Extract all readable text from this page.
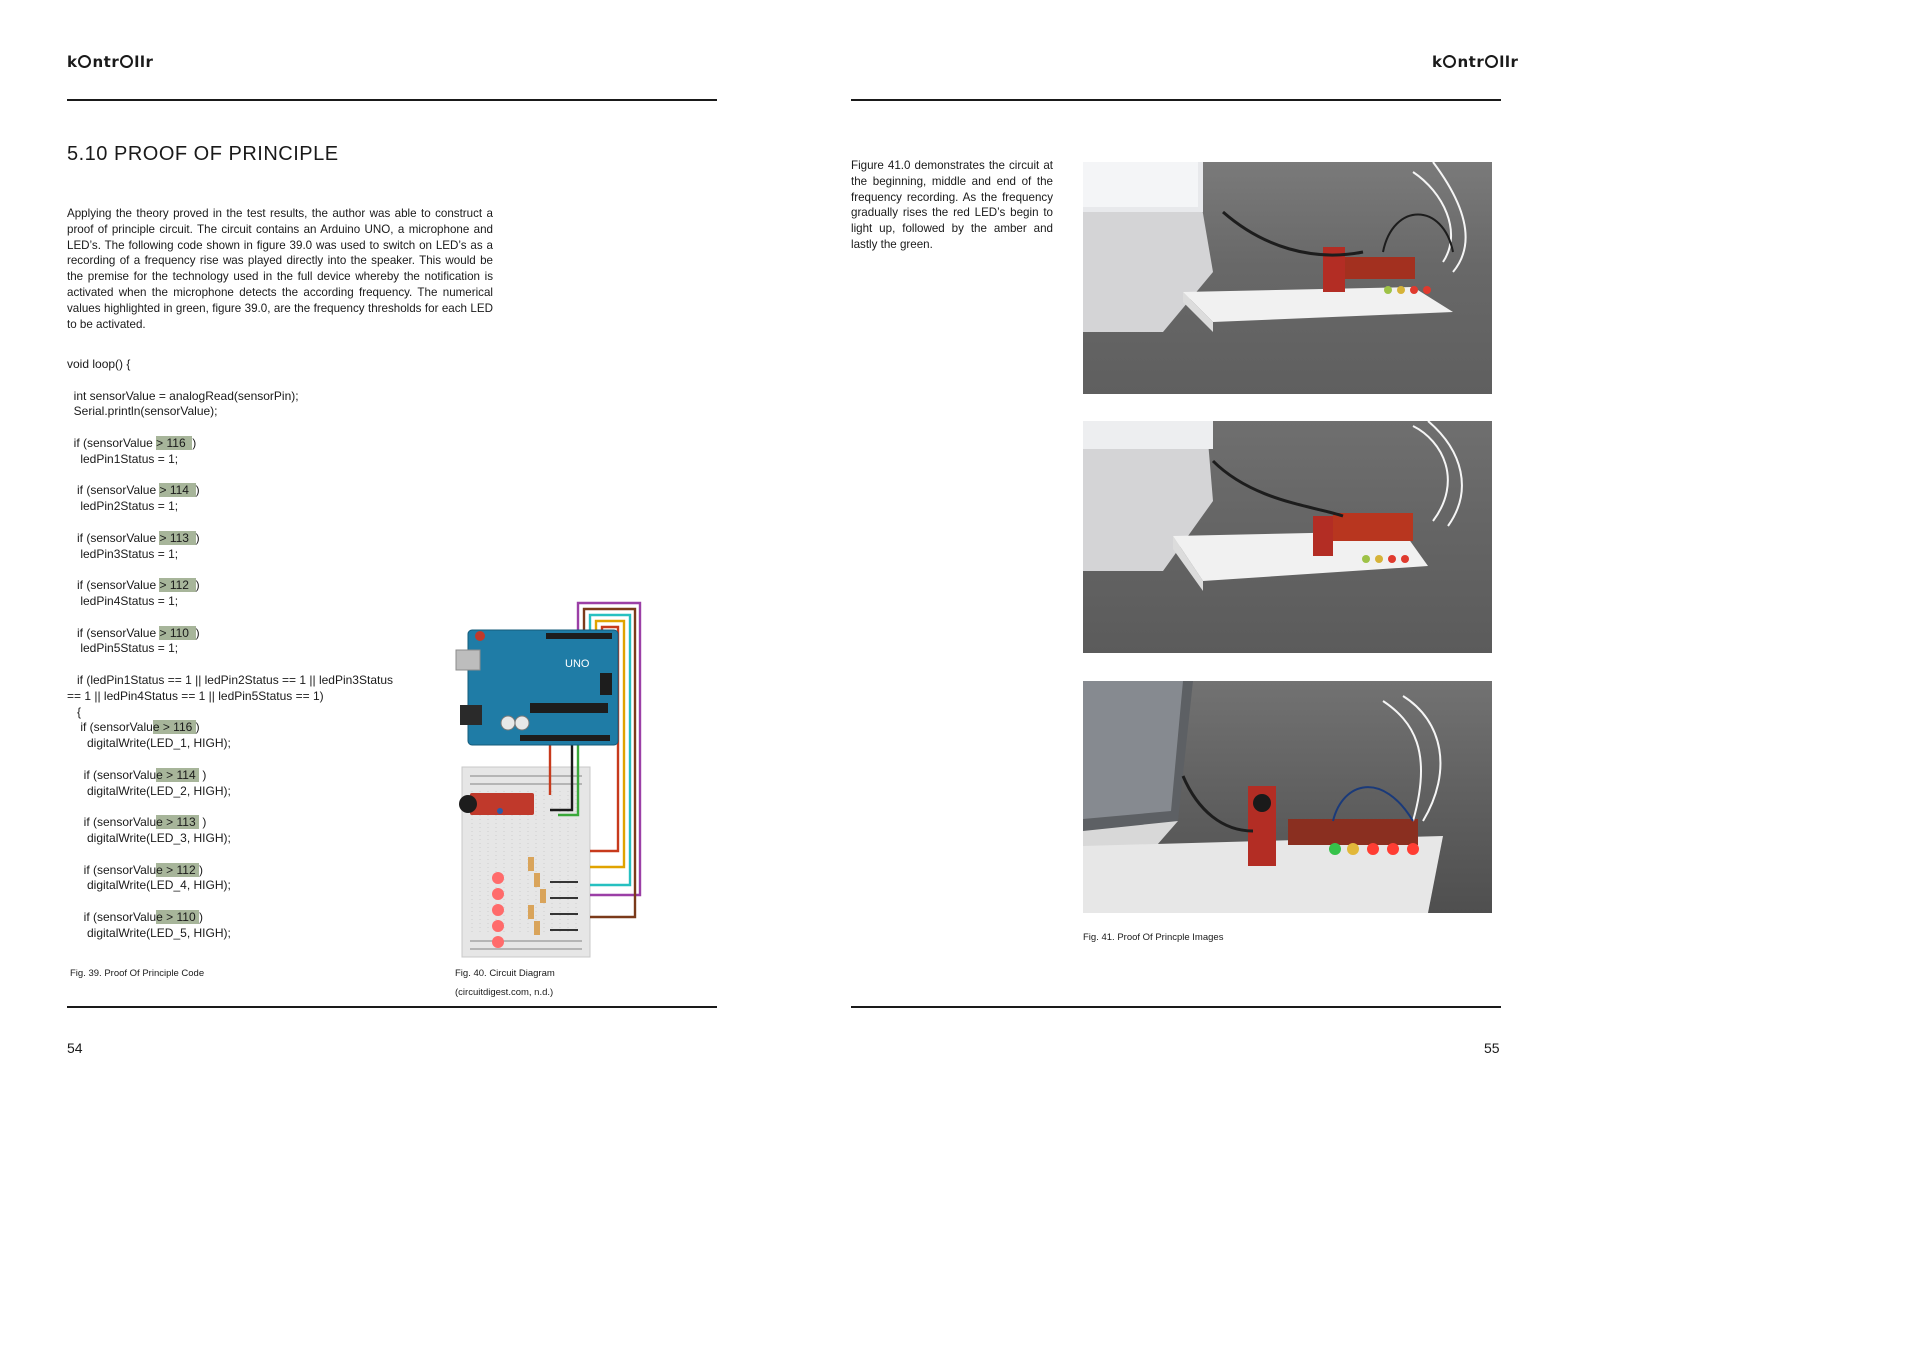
k ntr llr
5.10 PROOF OF PRINCIPLE

Applying the theory proved in the test results, the author was able to construct a proof of principle circuit. The circuit contains an Arduino UNO, a microphone and LED’s. The following code shown in figure 39.0 was used to switch on LED’s as a recording of a frequency rise was played directly into the speaker. This would be the premise for the technology used in the full device whereby the notification is activated when the microphone detects the according frequency. The numerical values highlighted in green, figure 39.0, are the frequency thresholds for each LED to be activated.

void loop() {
int sensorValue = analogRead(sensorPin);
Serial.println(sensorValue);
if (sensorValue > 116  )
ledPin1Status = 1;
if (sensorValue > 114  )
ledPin2Status = 1;
if (sensorValue > 113  )
ledPin3Status = 1;
if (sensorValue > 112  )
ledPin4Status = 1;
if (sensorValue > 110  )
ledPin5Status = 1;
if (ledPin1Status == 1 || ledPin2Status == 1 || ledPin3Status
== 1 || ledPin4Status == 1 || ledPin5Status == 1)
{
if (sensorValue > 116 )
digitalWrite(LED_1, HIGH);
if (sensorValue > 114  )
digitalWrite(LED_2, HIGH);
if (sensorValue > 113  )
digitalWrite(LED_3, HIGH);
if (sensorValue > 112 )
digitalWrite(LED_4, HIGH);
if (sensorValue > 110 )
digitalWrite(LED_5, HIGH);
UNO
Fig. 39. Proof Of Principle Code	Fig. 40. Circuit Diagram
(circuitdigest.com, n.d.)
54
k ntr llr

Figure 41.0 demonstrates the circuit at the beginning, middle and end of the frequency recording. As the frequency gradually rises the red LED’s begin to light up, followed by the amber and lastly the green.

Fig. 41. Proof Of Princple Images
55
